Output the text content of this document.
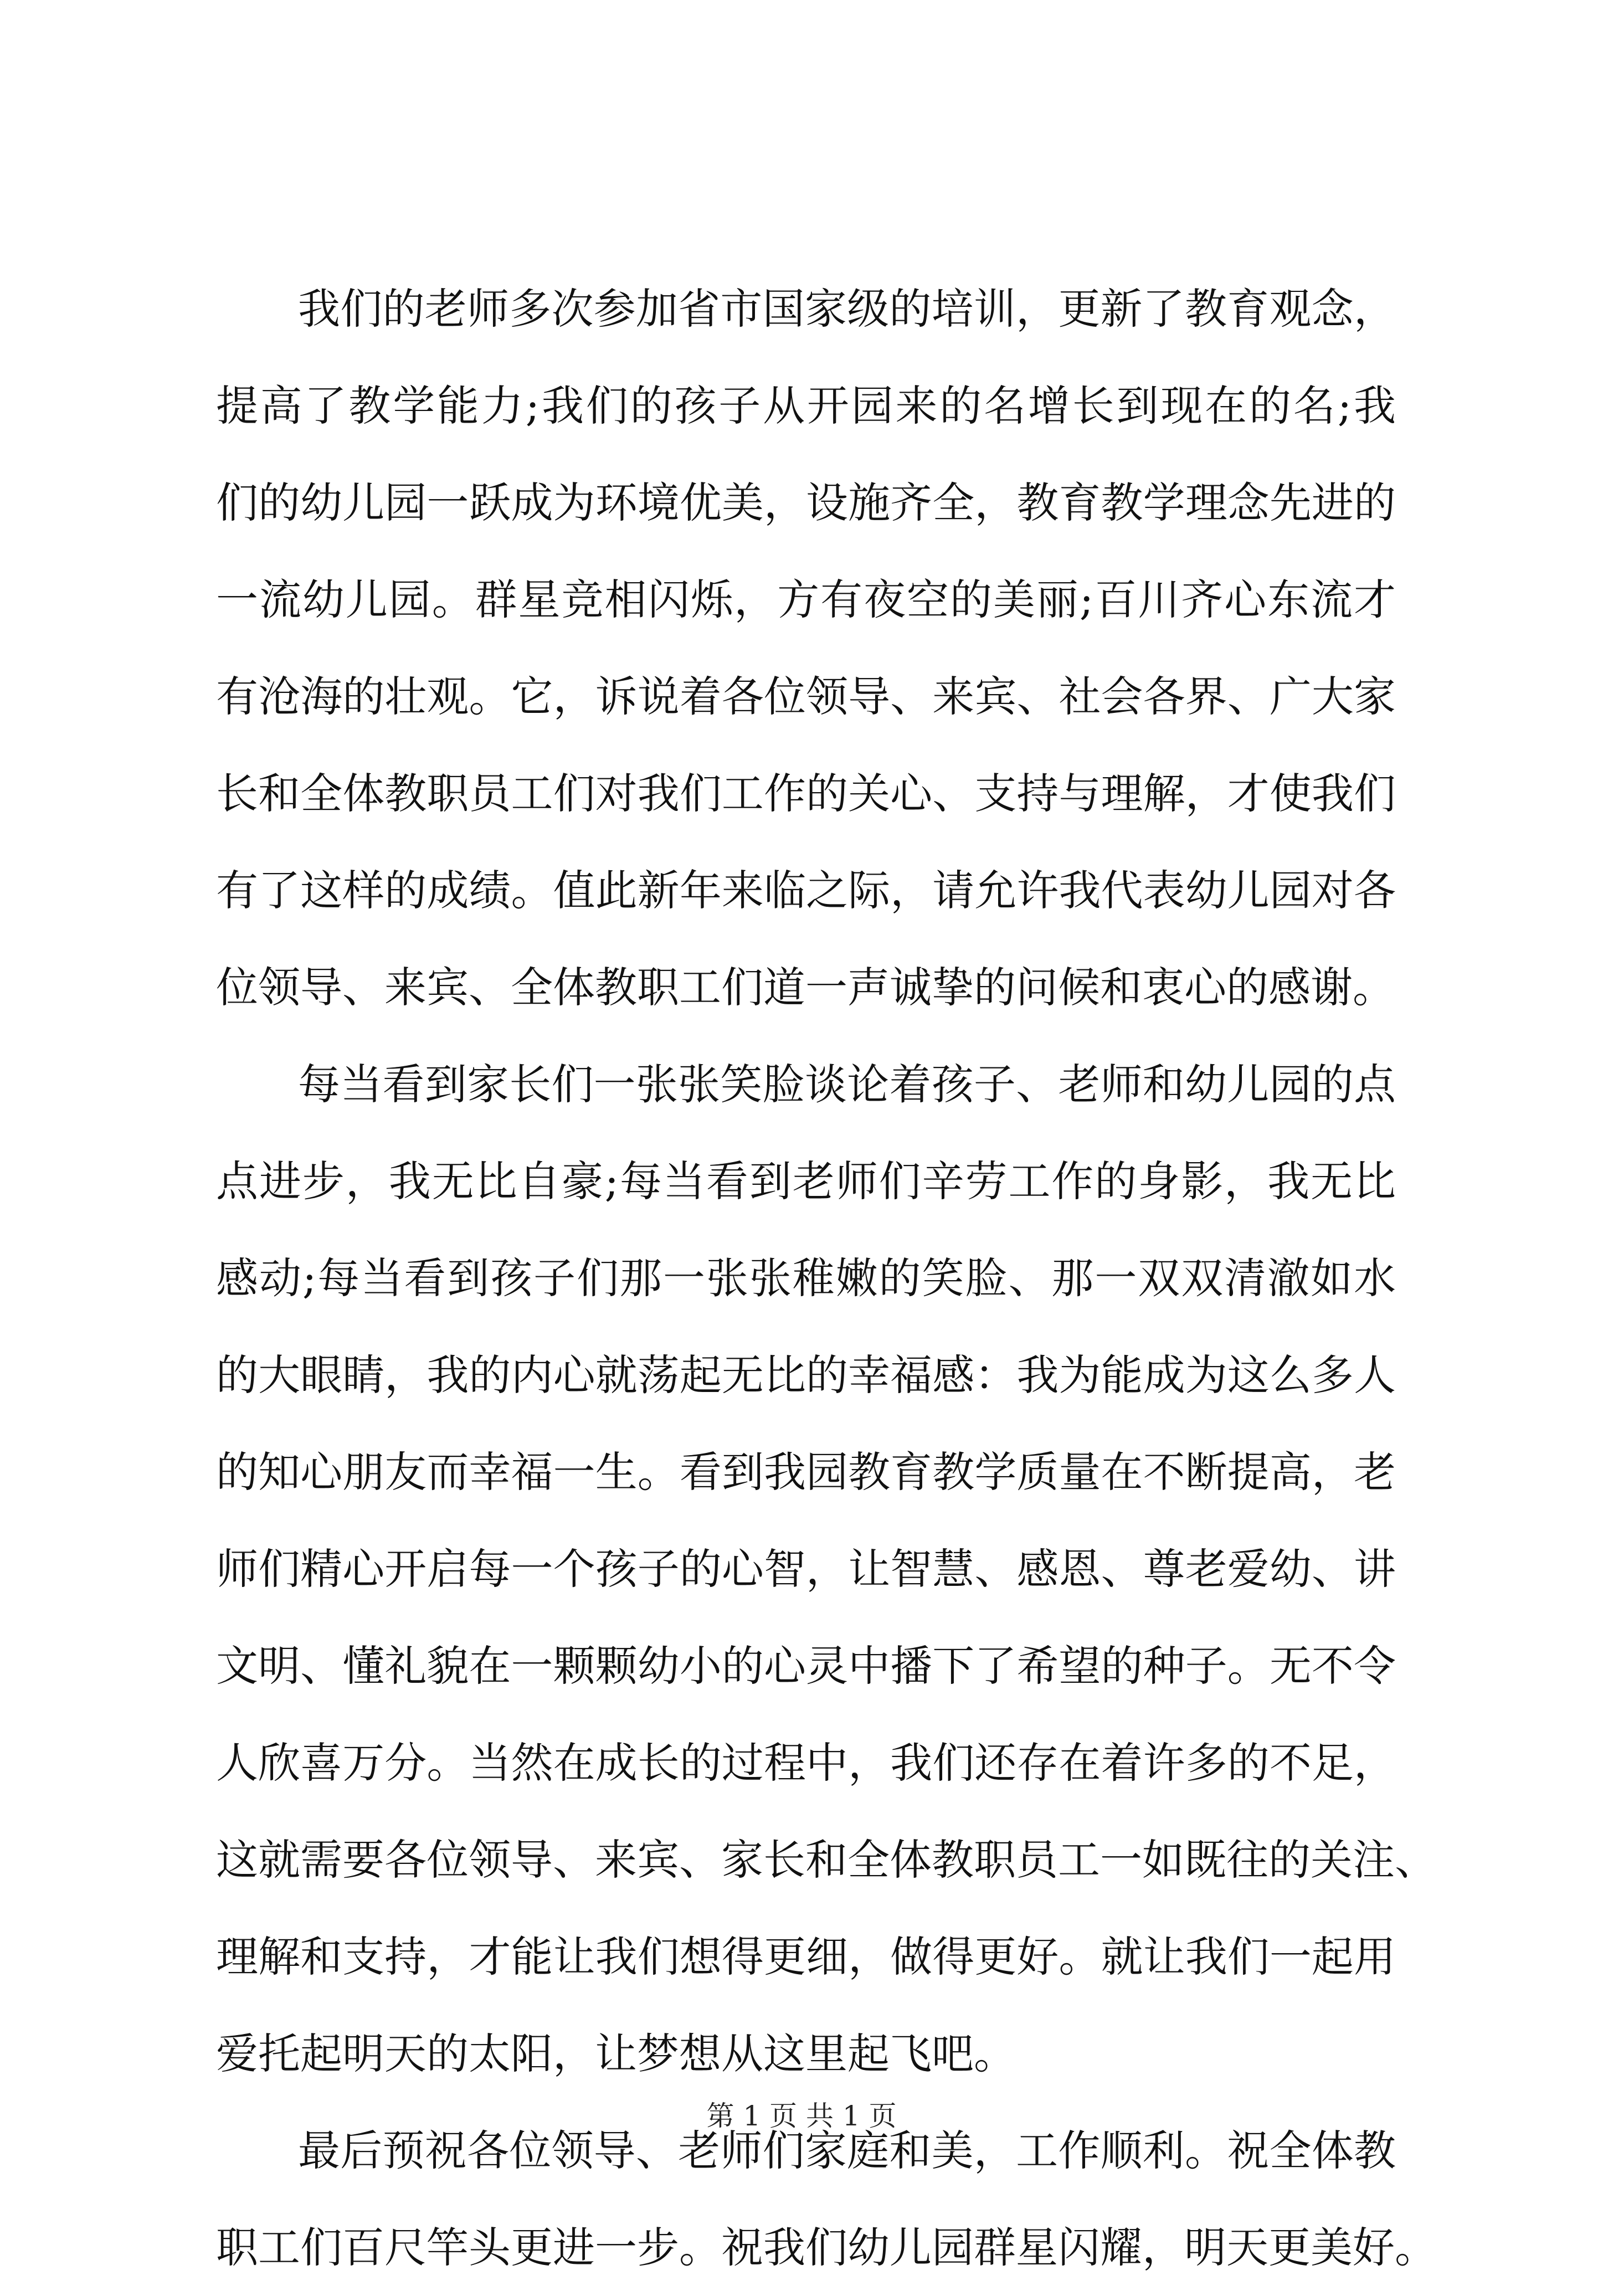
我们的老师多次参加省市国家级的培训，更新了教育观念，
提高了教学能力;我们的孩子从开园来的名增长到现在的名;我
们的幼儿园一跃成为环境优美，设施齐全，教育教学理念先进的
一流幼儿园。群星竞相闪烁，方有夜空的美丽;百川齐心东流才
有沧海的壮观。它，诉说着各位领导、来宾、社会各界、广大家
长和全体教职员工们对我们工作的关心、支持与理解，才使我们
有了这样的成绩。值此新年来临之际，请允许我代表幼儿园对各
位领导、来宾、全体教职工们道一声诚挚的问候和衷心的感谢。
每当看到家长们一张张笑脸谈论着孩子、老师和幼儿园的点
点进步，我无比自豪;每当看到老师们辛劳工作的身影，我无比
感动;每当看到孩子们那一张张稚嫩的笑脸、那一双双清澈如水
的大眼睛，我的内心就荡起无比的幸福感：我为能成为这么多人
的知心朋友而幸福一生。看到我园教育教学质量在不断提高，老
师们精心开启每一个孩子的心智，让智慧、感恩、尊老爱幼、讲
文明、懂礼貌在一颗颗幼小的心灵中播下了希望的种子。无不令
人欣喜万分。当然在成长的过程中，我们还存在着许多的不足，
这就需要各位领导、来宾、家长和全体教职员工一如既往的关注、
理解和支持，才能让我们想得更细，做得更好。就让我们一起用
爱托起明天的太阳，让梦想从这里起飞吧。
最后预祝各位领导、老师们家庭和美，工作顺利。祝全体教
职工们百尺竿头更进一步。祝我们幼儿园群星闪耀，明天更美好。
第 1 页 共 1 页
